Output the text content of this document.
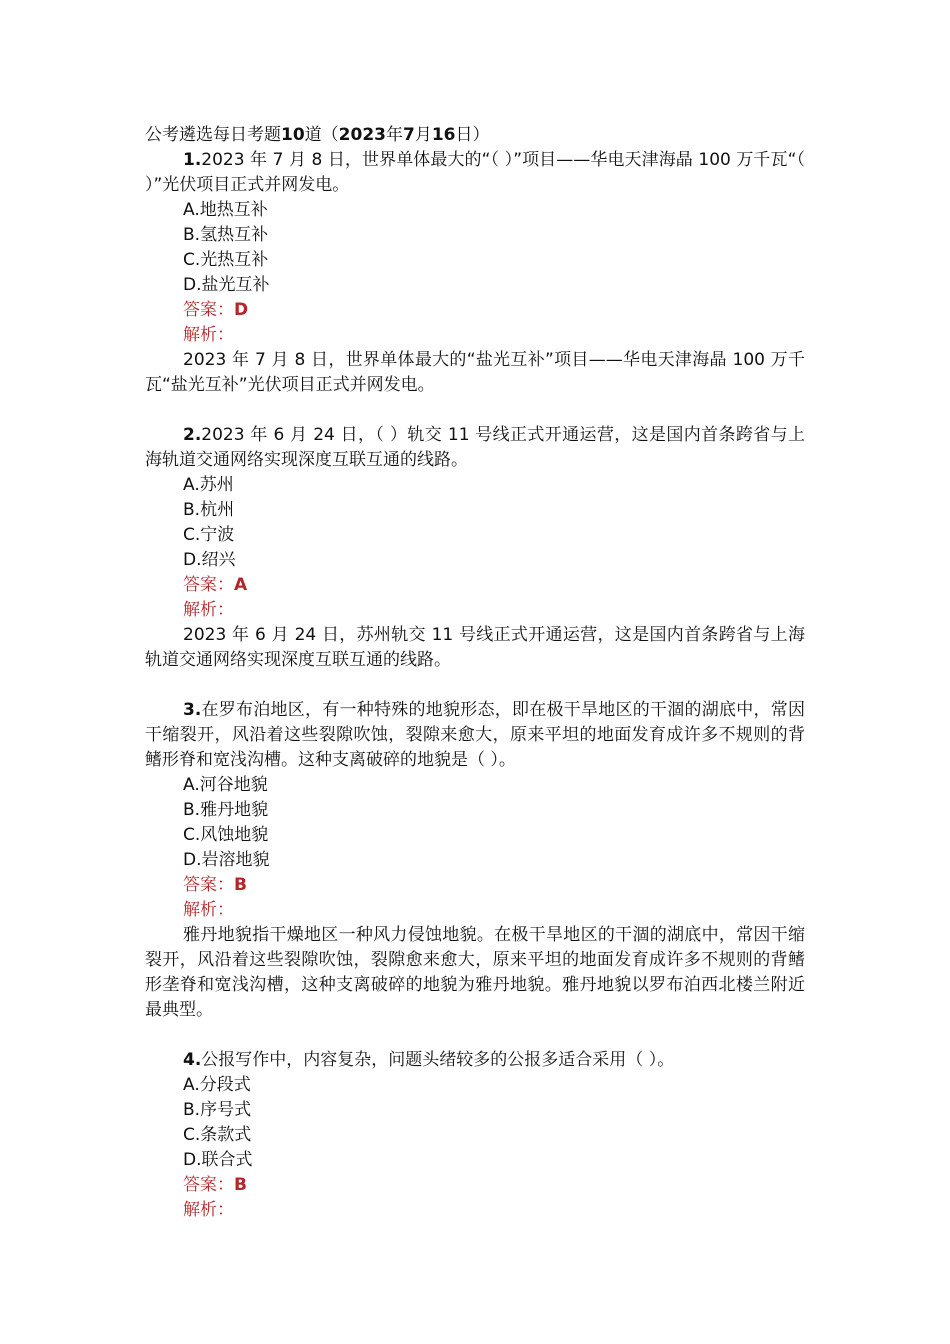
公考遴选每日考题10道（2023年7月16日）
1.2023 年 7 月 8 日，世界单体最大的“（ ）”项目——华电天津海晶 100 万千瓦“（ ）”光伏项目正式并网发电。
A.地热互补
B.氢热互补
C.光热互补
D.盐光互补
答案：D
解析：
2023 年 7 月 8 日，世界单体最大的“盐光互补”项目——华电天津海晶 100 万千瓦“盐光互补”光伏项目正式并网发电。
2.2023 年 6 月 24 日，（ ）轨交 11 号线正式开通运营，这是国内首条跨省与上海轨道交通网络实现深度互联互通的线路。
A.苏州
B.杭州
C.宁波
D.绍兴
答案：A
解析：
2023 年 6 月 24 日，苏州轨交 11 号线正式开通运营，这是国内首条跨省与上海轨道交通网络实现深度互联互通的线路。
3.在罗布泊地区，有一种特殊的地貌形态，即在极干旱地区的干涸的湖底中，常因干缩裂开，风沿着这些裂隙吹蚀，裂隙来愈大，原来平坦的地面发育成许多不规则的背鳍形脊和宽浅沟槽。这种支离破碎的地貌是（ ）。
A.河谷地貌
B.雅丹地貌
C.风蚀地貌
D.岩溶地貌
答案：B
解析：
雅丹地貌指干燥地区一种风力侵蚀地貌。在极干旱地区的干涸的湖底中，常因干缩裂开，风沿着这些裂隙吹蚀，裂隙愈来愈大，原来平坦的地面发育成许多不规则的背鳍形垄脊和宽浅沟槽，这种支离破碎的地貌为雅丹地貌。雅丹地貌以罗布泊西北楼兰附近最典型。
4.公报写作中，内容复杂，问题头绪较多的公报多适合采用（ ）。
A.分段式
B.序号式
C.条款式
D.联合式
答案：B
解析：
